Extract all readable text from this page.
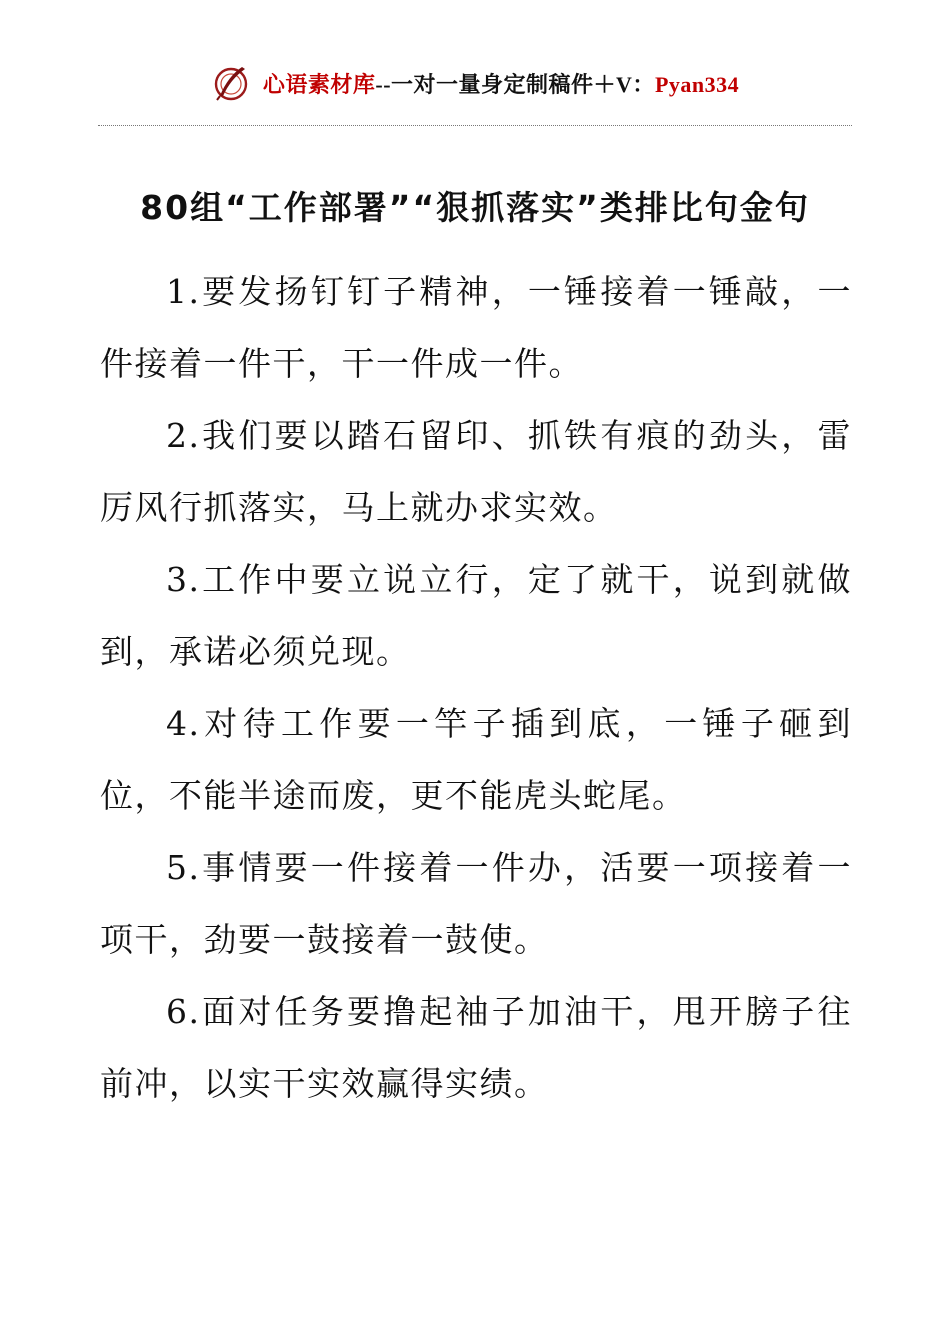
心语素材库--一对一量身定制稿件＋V：Pyan334
80组“工作部署”“狠抓落实”类排比句金句

1.要发扬钉钉子精神，一锤接着一锤敲，一件接着一件干，干一件成一件。

2.我们要以踏石留印、抓铁有痕的劲头，雷厉风行抓落实，马上就办求实效。

3.工作中要立说立行，定了就干，说到就做到，承诺必须兑现。

4.对待工作要一竿子插到底，一锤子砸到位，不能半途而废，更不能虎头蛇尾。

5.事情要一件接着一件办，活要一项接着一项干，劲要一鼓接着一鼓使。

6.面对任务要撸起袖子加油干，甩开膀子往前冲，以实干实效赢得实绩。
